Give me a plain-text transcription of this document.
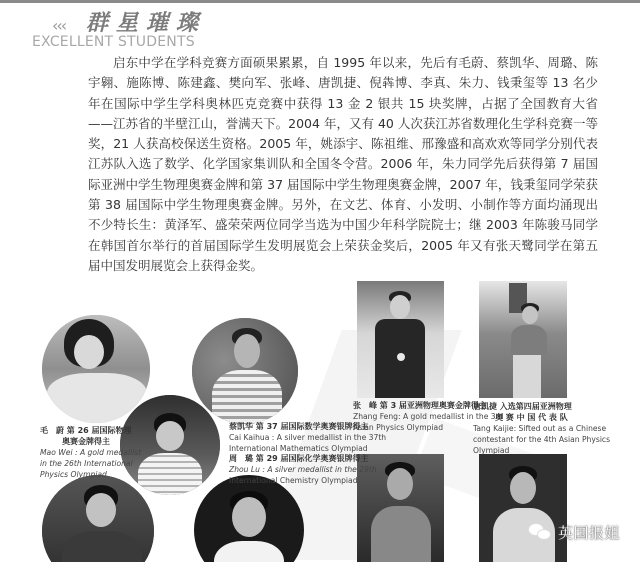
‹‹‹ 群星璀璨
EXCELLENT STUDENTS

启东中学在学科竞赛方面硕果累累，自 1995 年以来，先后有毛蔚、蔡凯华、周璐、陈宇翱、施陈博、陈建鑫、樊向军、张峰、唐凯捷、倪犇博、李真、朱力、钱秉玺等 13 名少年在国际中学生学科奥林匹克竞赛中获得 13 金 2 银共 15 块奖牌，占据了全国教育大省——江苏省的半壁江山，誉满天下。2004 年，又有 40 人次获江苏省数理化生学科竞赛一等奖，21 人获高校保送生资格。2005 年，姚添宇、陈祖维、邢豫盛和高欢欢等同学分别代表江苏队入选了数学、化学国家集训队和全国冬令营。2006 年，朱力同学先后获得第 7 届国际亚洲中学生物理奥赛金牌和第 37 届国际中学生物理奥赛金牌，2007 年，钱秉玺同学荣获第 38 届国际中学生物理奥赛金牌。另外，在文艺、体育、小发明、小制作等方面均涌现出不少特长生：黄泽军、盛荣荣两位同学当选为中国少年科学院院士；继 2003 年陈骏马同学在韩国首尔举行的首届国际学生发明展览会上荣获金奖后，2005 年又有张天鹭同学在第五届中国发明展览会上获得金奖。

毛　蔚 第 26 届国际物理
奥赛金牌得主
Mao Wei : A gold medallist
in the 26th International
Physics Olympiad
蔡凯华 第 37 届国际数学奥赛银牌得主
Cai Kaihua : A silver medallist in the 37th
International Mathematics Olympiad
周　璐 第 29 届国际化学奥赛银牌得主
Zhou Lu : A silver medallist in the 29th
International Chemistry Olympiad
张　峰 第 3 届亚洲物理奥赛金牌得主
Zhang Feng: A gold medallist in the 3rd
Asian Physics Olympiad
唐凯捷 入选第四届亚洲物理
奥 赛 中 国 代 表 队
Tang Kaijie: Sifted out as a Chinese
contestant for the 4th Asian Physics
Olympiad
英国报姐
